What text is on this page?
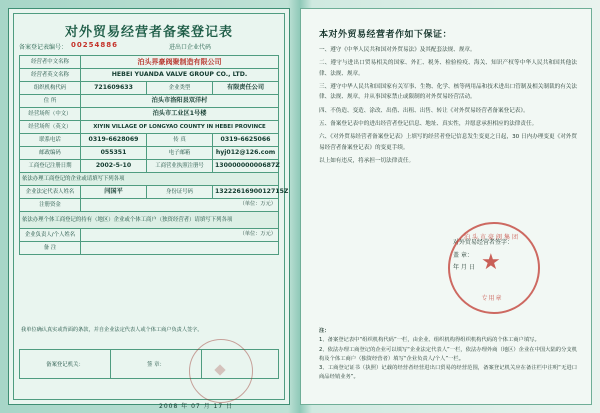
对外贸易经营者备案登记表
备案登记表编号： 00254886	进出口企业代码
经营者中文名称	泊头界豪阀聚制造有限公司		
经营者英文名称	HEBEI YUANDA VALVE GROUP CO., LTD.		
组织机构代码	721609633	企业类型	有限责任公司
住 所	泊头市洛阳县双洋村		
经营场所（中文）	泊头市工业区1号楼		
经营场所（英文）	XIYIN VILLAGE OF LONGYAO COUNTY IN HEBEI PROVINCE		
联系电话	0319-6628069	传 真	0319-6625066
邮政编码	055351	电子邮箱	hyj012@126.com
工商登记注册日期	2002-5-10	工商营业执照注册号	13000000000687Z
依法办理工商登记的企业或请填写下列各项			
企业法定代表人姓名	闫国平	身份证号码	1322261690012715Z
注册资金	（单位：万元）		
依法办理个体工商登记的持有（地区）企业或个体工商户（独资经营者）请填写下列各项			
企业负责人/个人姓名	（单位：万元）		
备 注			
我单位确认真实或背面的条款，并自企业法定代表人或个体工商户负责人签字。
备案登记机关：	签 章：	
2008 年 07 月 17 日
本对外贸易经营者作如下保证：

一、遵守《中华人民共和国对外贸易法》及其配套法规、规章。

二、遵守与进出口贸易相关的国家、外汇、税务、检验检疫、海关、知识产权等中华人民共和国其他法律、法规、规章。

三、遵守中华人民共和国国家有关军事、生物、化学、核等两用品和技术进出口管制及相关制裁的有关法律、法规、规章，并从事国家禁止或限制的对外贸易经营活动。

四、不伪造、变造、涂改、出借、出租、出售、转让《对外贸易经营者备案登记表》。

五、备案登记表中的进出经营者登记信息、地址、真实性，并愿意承担相应的法律责任。

六、《对外贸易经营者备案登记表》上填写的经营者登记信息发生变更之日起，30 日内办理变更《对外贸易经营者备案登记表》的变更手续。

以上如有违反，将承担一切法律责任。

对外贸易经营者签字：
盖 章：
年 月 日
注：
1、备案登记表中“组织机构代码”一栏，由企业、组织机构得组织机构代码的个体工商户填写。
2、依法办理工商登记的企业可以填写“企业法定代表人”一栏，依法办理外商（地区）企业在中国大陆的分支机构及个体工商户（独资经营者）填写“企业负责人/个人”一栏。
3、工商登记证书（执照）记载的经营者经营进出口贸易的经营范围，备案登记机关应在备注栏中注明“无进口商品经销业务”。
泊头市豪阀集团
★
专用章
